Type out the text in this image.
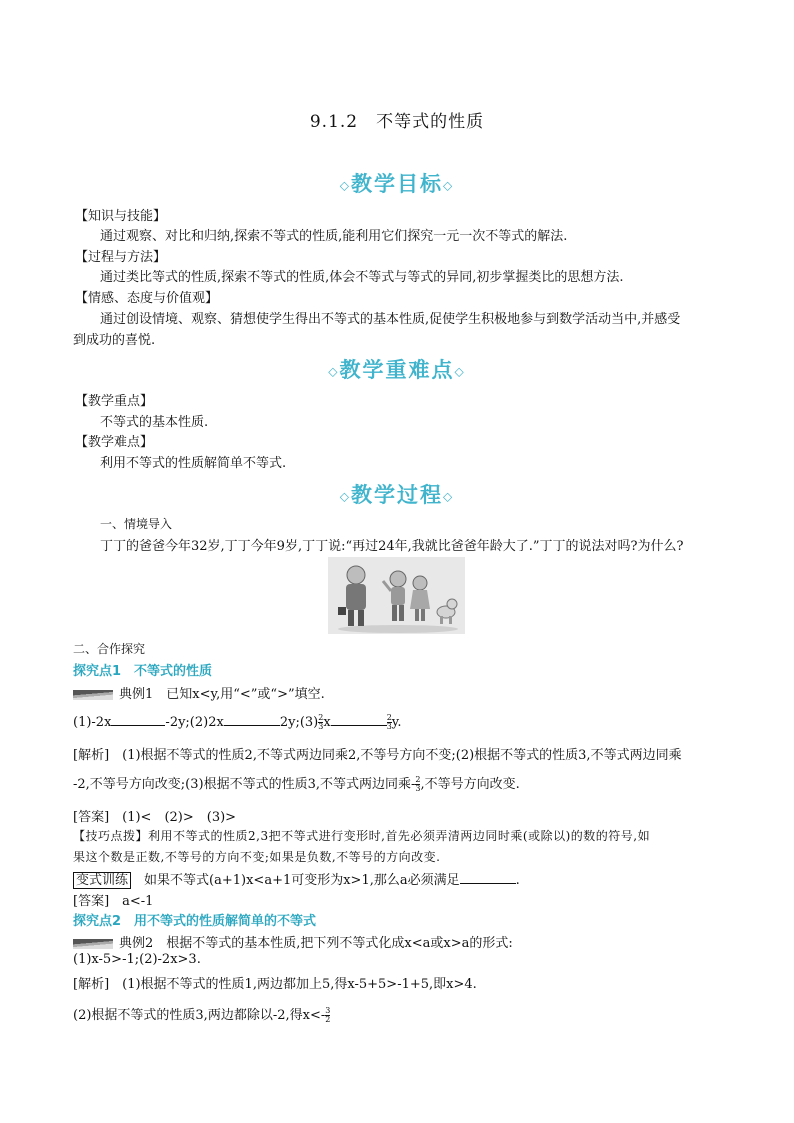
9.1.2　不等式的性质
◇教学目标◇
【知识与技能】
通过观察、对比和归纳,探索不等式的性质,能利用它们探究一元一次不等式的解法.
【过程与方法】
通过类比等式的性质,探索不等式的性质,体会不等式与等式的异同,初步掌握类比的思想方法.
【情感、态度与价值观】
通过创设情境、观察、猜想使学生得出不等式的基本性质,促使学生积极地参与到数学活动当中,并感受
到成功的喜悦.
◇教学重难点◇
【教学重点】
不等式的基本性质.
【教学难点】
利用不等式的性质解简单不等式.
◇教学过程◇
一、情境导入
丁丁的爸爸今年32岁,丁丁今年9岁,丁丁说:“再过24年,我就比爸爸年龄大了.”丁丁的说法对吗?为什么?
二、合作探究
探究点1　不等式的性质
典例1　已知x<y,用“<”或“>”填空.
(1)-2x	-2y;(2)2x	2y;(3) $\frac{2}{3}$ x	$\frac{2}{3} y$.
[解析]　(1)根据不等式的性质2,不等式两边同乘2,不等号方向不变;(2)根据不等式的性质3,不等式两边同乘
-2,不等号方向改变;(3)根据不等式的性质3,不等式两边同乘- $\frac{2}{3}$ ,不等号方向改变.
[答案]　(1)<　(2)>　(3)>
【技巧点拨】利用不等式的性质2,3把不等式进行变形时,首先必须弄清两边同时乘(或除以)的数的符号,如
果这个数是正数,不等号的方向不变;如果是负数,不等号的方向改变.
变式训练　 如果不等式(a+1)x<a+1可变形为x>1,那么a必须满足	.
[答案]　a<-1
探究点2　用不等式的性质解简单的不等式
典例2　根据不等式的基本性质,把下列不等式化成x<a或x>a的形式:
(1)x-5>-1;(2)-2x>3.
[解析]　(1)根据不等式的性质1,两边都加上5,得x-5+5>-1+5,即x>4.
(2)根据不等式的性质3,两边都除以-2,得$x<- \frac{3}{2}$
